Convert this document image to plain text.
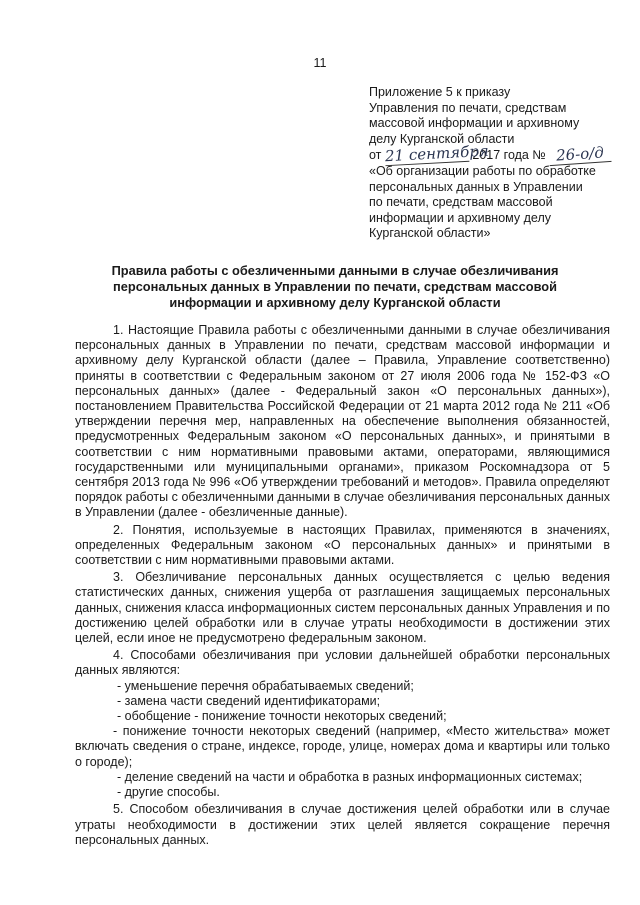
11
Приложение 5 к приказу
Управления по печати, средствам
массовой информации и архивному
делу Курганской области
от 21 сентября 2017 года № 26-о/д
«Об организации работы по обработке
персональных данных в Управлении
по печати, средствам массовой
информации и архивному делу
Курганской области»
Правила работы с обезличенными данными в случае обезличивания
персональных данных в Управлении по печати, средствам массовой
информации и архивному делу Курганской области

1. Настоящие Правила работы с обезличенными данными в случае обезличивания персональных данных в Управлении по печати, средствам массовой информации и архивному делу Курганской области (далее – Правила, Управление соответственно) приняты в соответствии с Федеральным законом от 27 июля 2006 года № 152-ФЗ «О персональных данных» (далее - Федеральный закон «О персональных данных»), постановлением Правительства Российской Федерации от 21 марта 2012 года № 211 «Об утверждении перечня мер, направленных на обеспечение выполнения обязанностей, предусмотренных Федеральным законом «О персональных данных», и принятыми в соответствии с ним нормативными правовыми актами, операторами, являющимися государственными или муниципальными органами», приказом Роскомнадзора от 5 сентября 2013 года № 996 «Об утверждении требований и методов». Правила определяют порядок работы с обезличенными данными в случае обезличивания персональных данных в Управлении (далее - обезличенные данные).

2. Понятия, используемые в настоящих Правилах, применяются в значениях, определенных Федеральным законом «О персональных данных» и принятыми в соответствии с ним нормативными правовыми актами.

3. Обезличивание персональных данных осуществляется с целью ведения статистических данных, снижения ущерба от разглашения защищаемых персональных данных, снижения класса информационных систем персональных данных Управления и по достижению целей обработки или в случае утраты необходимости в достижении этих целей, если иное не предусмотрено федеральным законом.

4. Способами обезличивания при условии дальнейшей обработки персональных данных являются:

- уменьшение перечня обрабатываемых сведений;

- замена части сведений идентификаторами;

- обобщение - понижение точности некоторых сведений;

- понижение точности некоторых сведений (например, «Место жительства» может включать сведения о стране, индексе, городе, улице, номерах дома и квартиры или только о городе);

- деление сведений на части и обработка в разных информационных системах;

- другие способы.

5. Способом обезличивания в случае достижения целей обработки или в случае утраты необходимости в достижении этих целей является сокращение перечня персональных данных.
